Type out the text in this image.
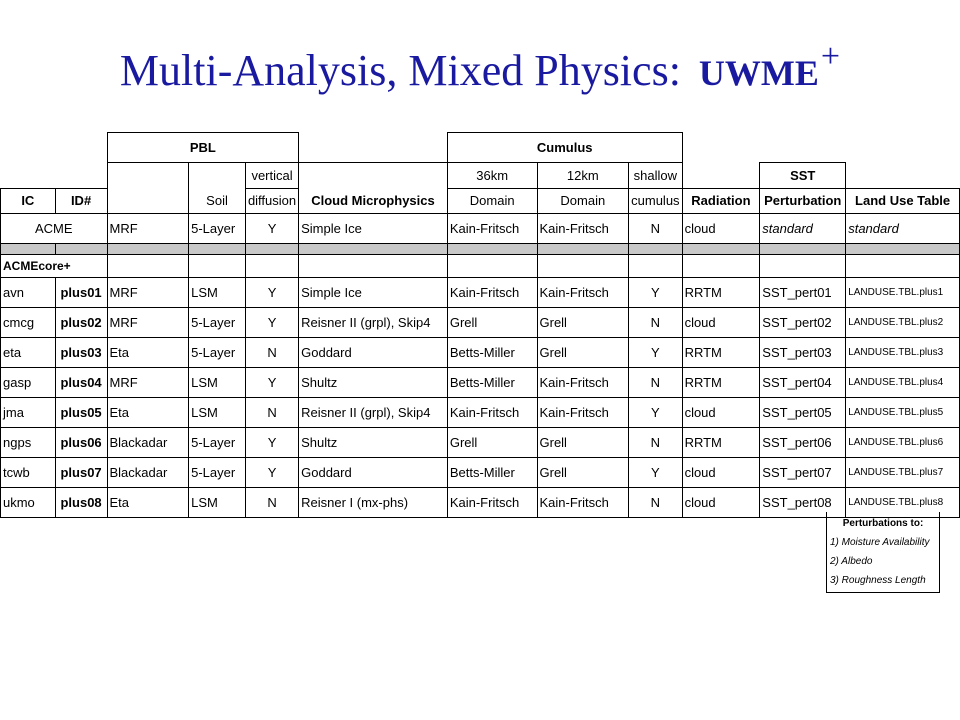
Multi-Analysis, Mixed Physics: UWME+
		PBL				Cumulus					
				vertical		36km	12km	shallow		SST	
IC	ID#		Soil	diffusion	Cloud Microphysics	Domain	Domain	cumulus	Radiation	Perturbation	Land Use Table
ACME		MRF	5-Layer	Y	Simple Ice	Kain-Fritsch	Kain-Fritsch	N	cloud	standard	standard

ACMEcore+											
avn	plus01	MRF	LSM	Y	Simple Ice	Kain-Fritsch	Kain-Fritsch	Y	RRTM	SST_pert01	LANDUSE.TBL.plus1
cmcg	plus02	MRF	5-Layer	Y	Reisner II (grpl), Skip4	Grell	Grell	N	cloud	SST_pert02	LANDUSE.TBL.plus2
eta	plus03	Eta	5-Layer	N	Goddard	Betts-Miller	Grell	Y	RRTM	SST_pert03	LANDUSE.TBL.plus3
gasp	plus04	MRF	LSM	Y	Shultz	Betts-Miller	Kain-Fritsch	N	RRTM	SST_pert04	LANDUSE.TBL.plus4
jma	plus05	Eta	LSM	N	Reisner II (grpl), Skip4	Kain-Fritsch	Kain-Fritsch	Y	cloud	SST_pert05	LANDUSE.TBL.plus5
ngps	plus06	Blackadar	5-Layer	Y	Shultz	Grell	Grell	N	RRTM	SST_pert06	LANDUSE.TBL.plus6
tcwb	plus07	Blackadar	5-Layer	Y	Goddard	Betts-Miller	Grell	Y	cloud	SST_pert07	LANDUSE.TBL.plus7
ukmo	plus08	Eta	LSM	N	Reisner I (mx-phs)	Kain-Fritsch	Kain-Fritsch	N	cloud	SST_pert08	LANDUSE.TBL.plus8
Perturbations to:
1) Moisture Availability
2) Albedo
3) Roughness Length
